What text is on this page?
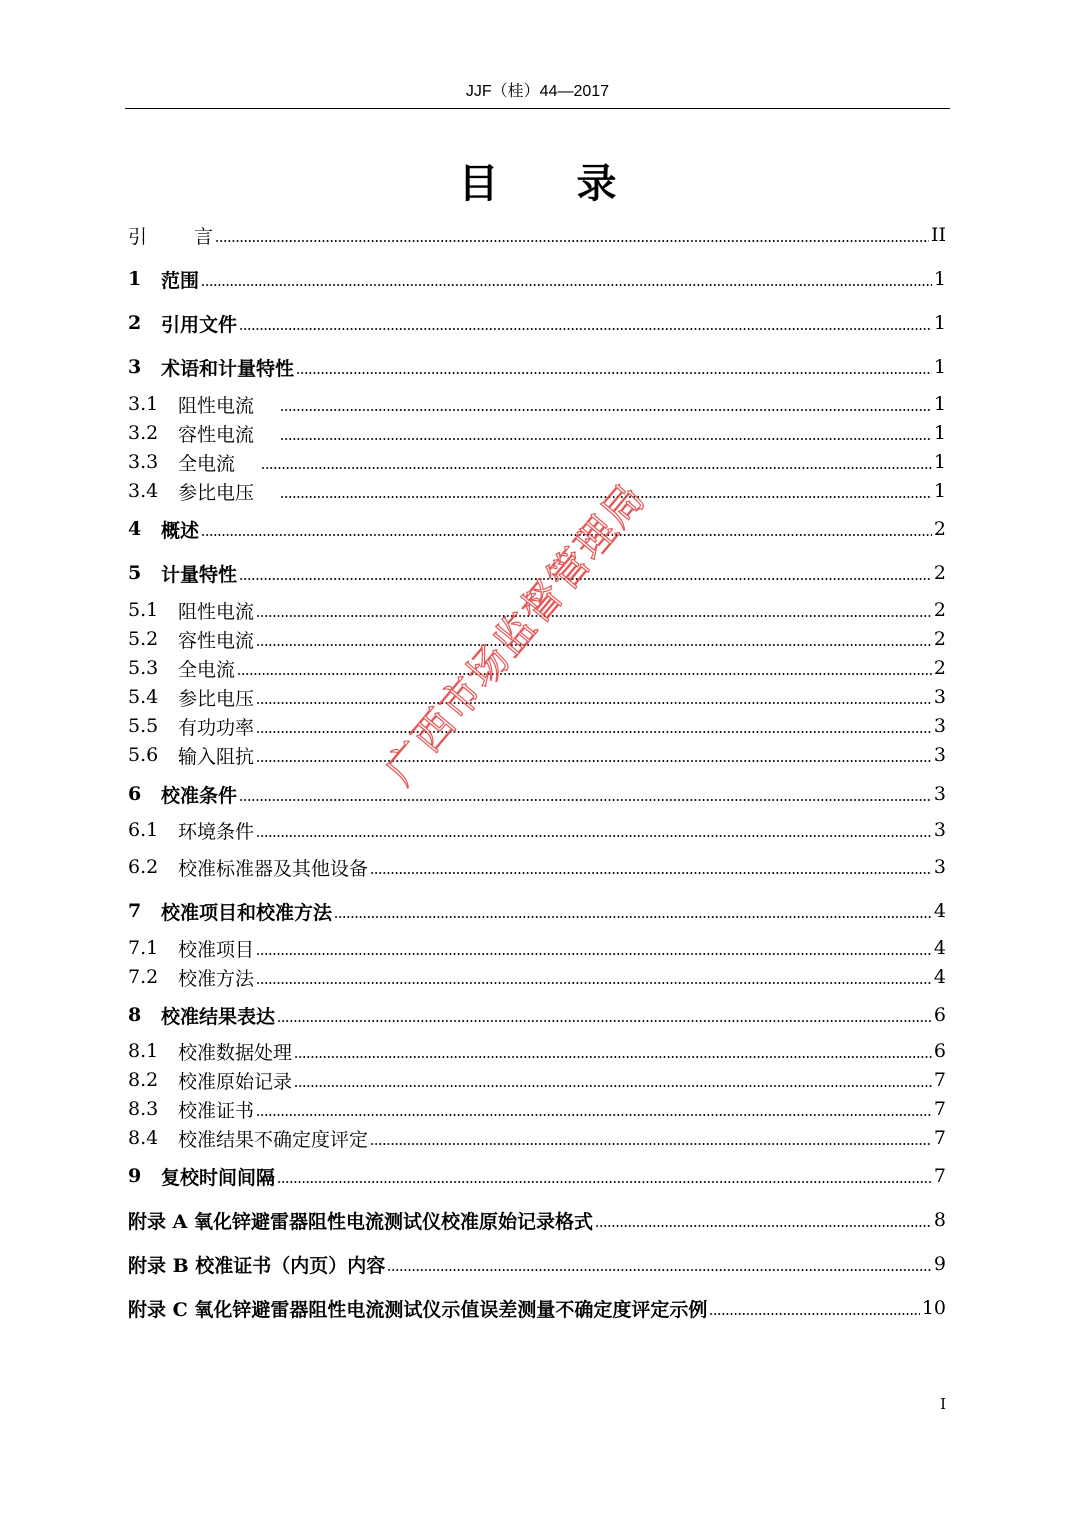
JJF（桂）44—2017
目录
引	言	II
1	范围	1
2	引用文件	1
3	术语和计量特性	1
3.1	阻性电流	1
3.2	容性电流	1
3.3	全电流	1
3.4	参比电压	1
4	概述	2
5	计量特性	2
5.1	阻性电流	2
5.2	容性电流	2
5.3	全电流	2
5.4	参比电压	3
5.5	有功功率	3
5.6	输入阻抗	3
6	校准条件	3
6.1	环境条件	3
6.2	校准标准器及其他设备	3
7	校准项目和校准方法	4
7.1	校准项目	4
7.2	校准方法	4
8	校准结果表达	6
8.1	校准数据处理	6
8.2	校准原始记录	7
8.3	校准证书	7
8.4	校准结果不确定度评定	7
9	复校时间间隔	7
附录 A 氧化锌避雷器阻性电流测试仪校准原始记录格式	8
附录 B 校准证书（内页）内容	9
附录 C 氧化锌避雷器阻性电流测试仪示值误差测量不确定度评定示例	10
I
